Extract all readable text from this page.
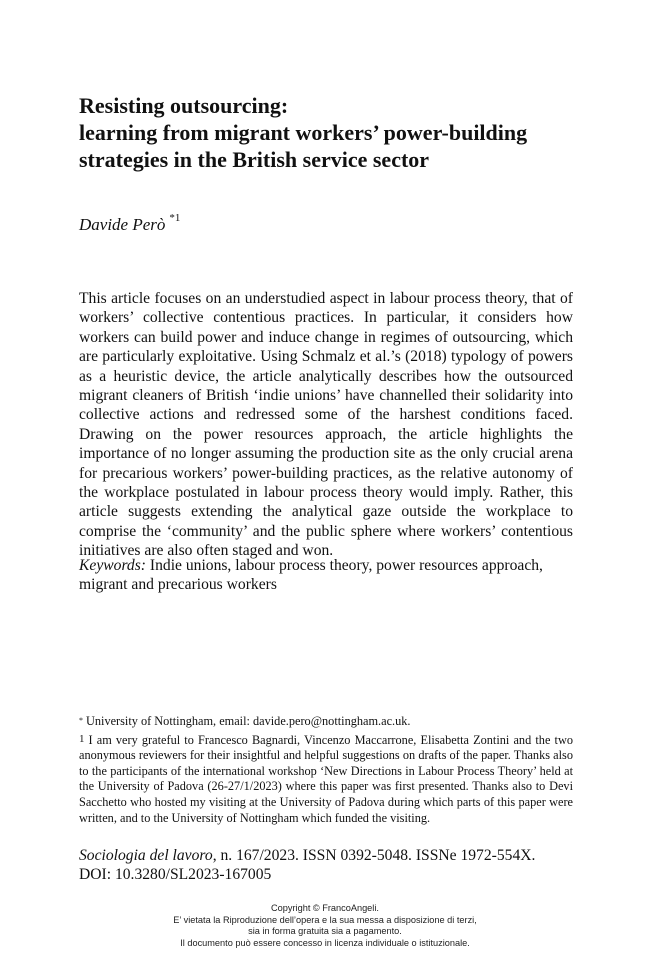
Resisting outsourcing:
learning from migrant workers’ power-building
strategies in the British service sector

Davide Però $^{*1}$

This article focuses on an understudied aspect in labour process theory, that of workers’ collective contentious practices. In particular, it considers how workers can build power and induce change in regimes of outsourcing, which are particularly exploitative. Using Schmalz et al.’s (2018) typology of powers as a heuristic device, the article analytically describes how the outsourced migrant cleaners of British ‘indie unions’ have channelled their solidarity into collective actions and redressed some of the harshest conditions faced. Drawing on the power resources approach, the article highlights the importance of no longer assuming the production site as the only crucial arena for precarious workers’ power-building practices, as the relative autonomy of the workplace postulated in labour process theory would imply. Rather, this article suggests extending the analytical gaze outside the workplace to comprise the ‘community’ and the public sphere where workers’ contentious initiatives are also often staged and won.

Keywords: Indie unions, labour process theory, power resources approach, migrant and precarious workers

* University of Nottingham, email: davide.pero@nottingham.ac.uk.

$^1$ I am very grateful to Francesco Bagnardi, Vincenzo Maccarrone, Elisabetta Zontini and the two anonymous reviewers for their insightful and helpful suggestions on drafts of the paper. Thanks also to the participants of the international workshop ‘New Directions in Labour Process Theory’ held at the University of Padova (26-27/1/2023) where this paper was first presented. Thanks also to Devi Sacchetto who hosted my visiting at the University of Padova during which parts of this paper were written, and to the University of Nottingham which funded the visiting.

Sociologia del lavoro, n. 167/2023. ISSN 0392-5048. ISSNe 1972-554X.
DOI: 10.3280/SL2023-167005

Copyright © FrancoAngeli.
E’ vietata la Riproduzione dell’opera e la sua messa a disposizione di terzi,
sia in forma gratuita sia a pagamento.
Il documento può essere concesso in licenza individuale o istituzionale.
